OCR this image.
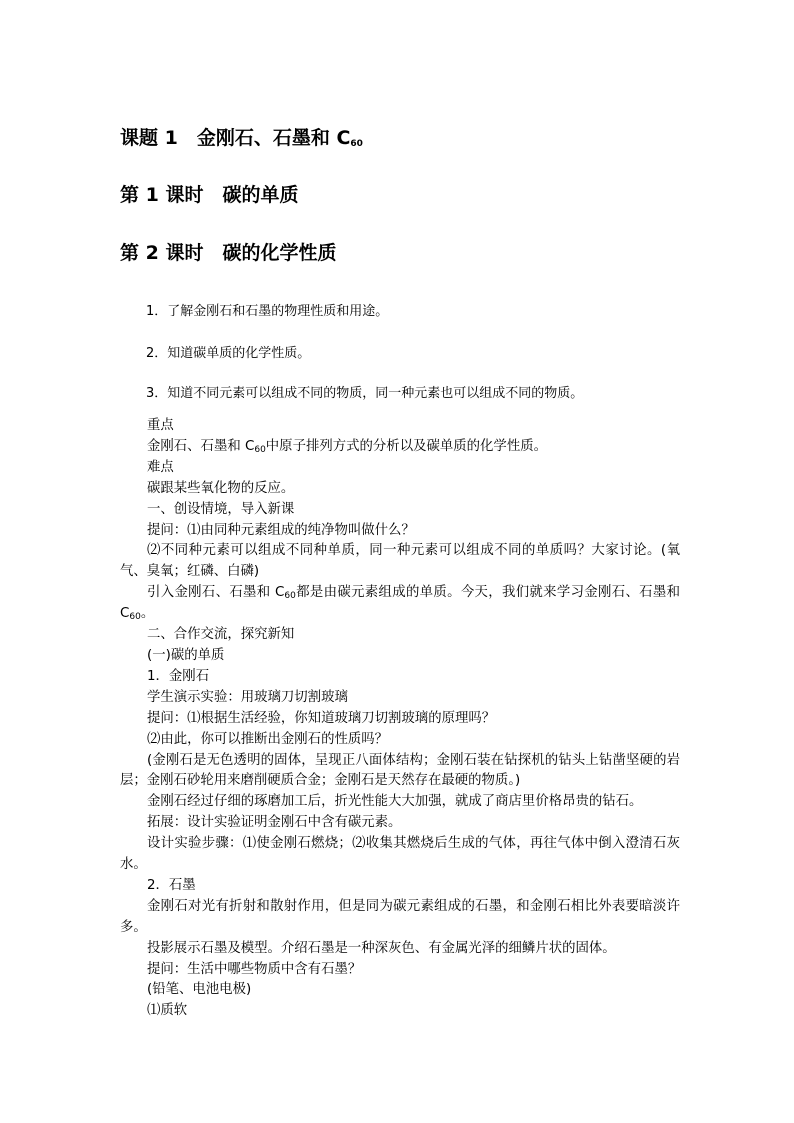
课题 1　金刚石、石墨和 $C_{60}$
第 1 课时　碳的单质
第 2 课时　碳的化学性质
1．了解金刚石和石墨的物理性质和用途。
2．知道碳单质的化学性质。
3．知道不同元素可以组成不同的物质，同一种元素也可以组成不同的物质。

重点

金刚石、石墨和 $C_{60}$中原子排列方式的分析以及碳单质的化学性质。

难点

碳跟某些氧化物的反应。

一、创设情境，导入新课

提问：⑴由同种元素组成的纯净物叫做什么？

⑵不同种元素可以组成不同种单质，同一种元素可以组成不同的单质吗？大家讨论。(氧气、臭氧；红磷、白磷)

引入金刚石、石墨和 $C_{60}$都是由碳元素组成的单质。今天，我们就来学习金刚石、石墨和 $C_{60}$。

二、合作交流，探究新知

(一)碳的单质

1．金刚石

学生演示实验：用玻璃刀切割玻璃

提问：⑴根据生活经验，你知道玻璃刀切割玻璃的原理吗？

⑵由此，你可以推断出金刚石的性质吗？

(金刚石是无色透明的固体，呈现正八面体结构；金刚石装在钻探机的钻头上钻凿坚硬的岩层；金刚石砂轮用来磨削硬质合金；金刚石是天然存在最硬的物质。)

金刚石经过仔细的琢磨加工后，折光性能大大加强，就成了商店里价格昂贵的钻石。

拓展：设计实验证明金刚石中含有碳元素。

设计实验步骤：⑴使金刚石燃烧；⑵收集其燃烧后生成的气体，再往气体中倒入澄清石灰水。

2．石墨

金刚石对光有折射和散射作用，但是同为碳元素组成的石墨，和金刚石相比外表要暗淡许多。

投影展示石墨及模型。介绍石墨是一种深灰色、有金属光泽的细鳞片状的固体。

提问：生活中哪些物质中含有石墨？

(铅笔、电池电极)

⑴质软
